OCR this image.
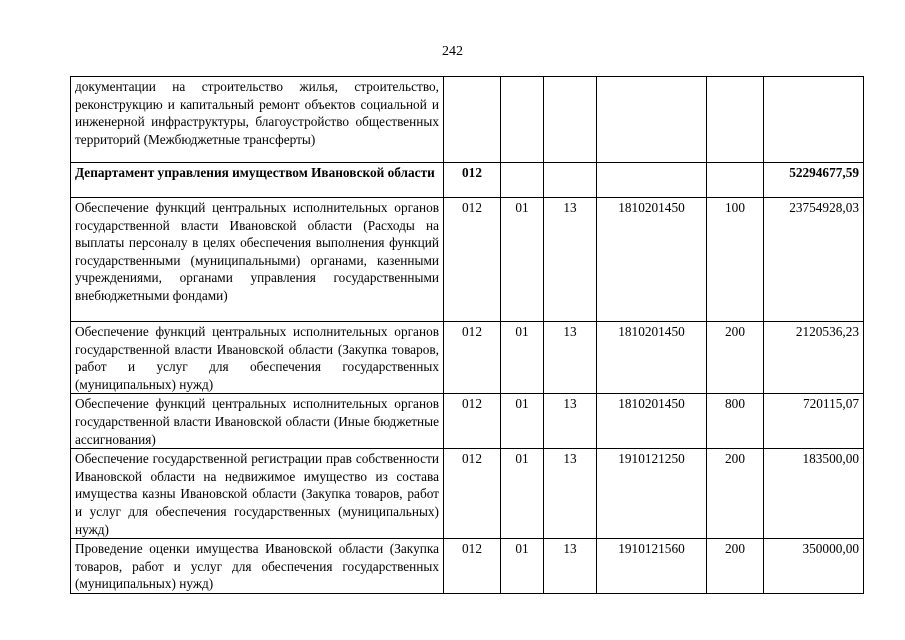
242
документации на строительство жилья, строительство, реконструкцию и капитальный ремонт объектов социальной и инженерной инфраструктуры, благоустройство общественных территорий (Межбюджетные трансферты)						
Департамент управления имуществом Ивановской области	012					52294677,59
Обеспечение функций центральных исполнительных органов государственной власти Ивановской области (Расходы на выплаты персоналу в целях обеспечения выполнения функций государственными (муниципальными) органами, казенными учреждениями, органами управления государственными внебюджетными фондами)	012	01	13	1810201450	100	23754928,03
Обеспечение функций центральных исполнительных органов государственной власти Ивановской области (Закупка товаров, работ и услуг для обеспечения государственных (муниципальных) нужд)	012	01	13	1810201450	200	2120536,23
Обеспечение функций центральных исполнительных органов государственной власти Ивановской области (Иные бюджетные ассигнования)	012	01	13	1810201450	800	720115,07
Обеспечение государственной регистрации прав собственности Ивановской области на недвижимое имущество из состава имущества казны Ивановской области (Закупка товаров, работ и услуг для обеспечения государственных (муниципальных) нужд)	012	01	13	1910121250	200	183500,00
Проведение оценки имущества Ивановской области (Закупка товаров, работ и услуг для обеспечения государственных (муниципальных) нужд)	012	01	13	1910121560	200	350000,00
